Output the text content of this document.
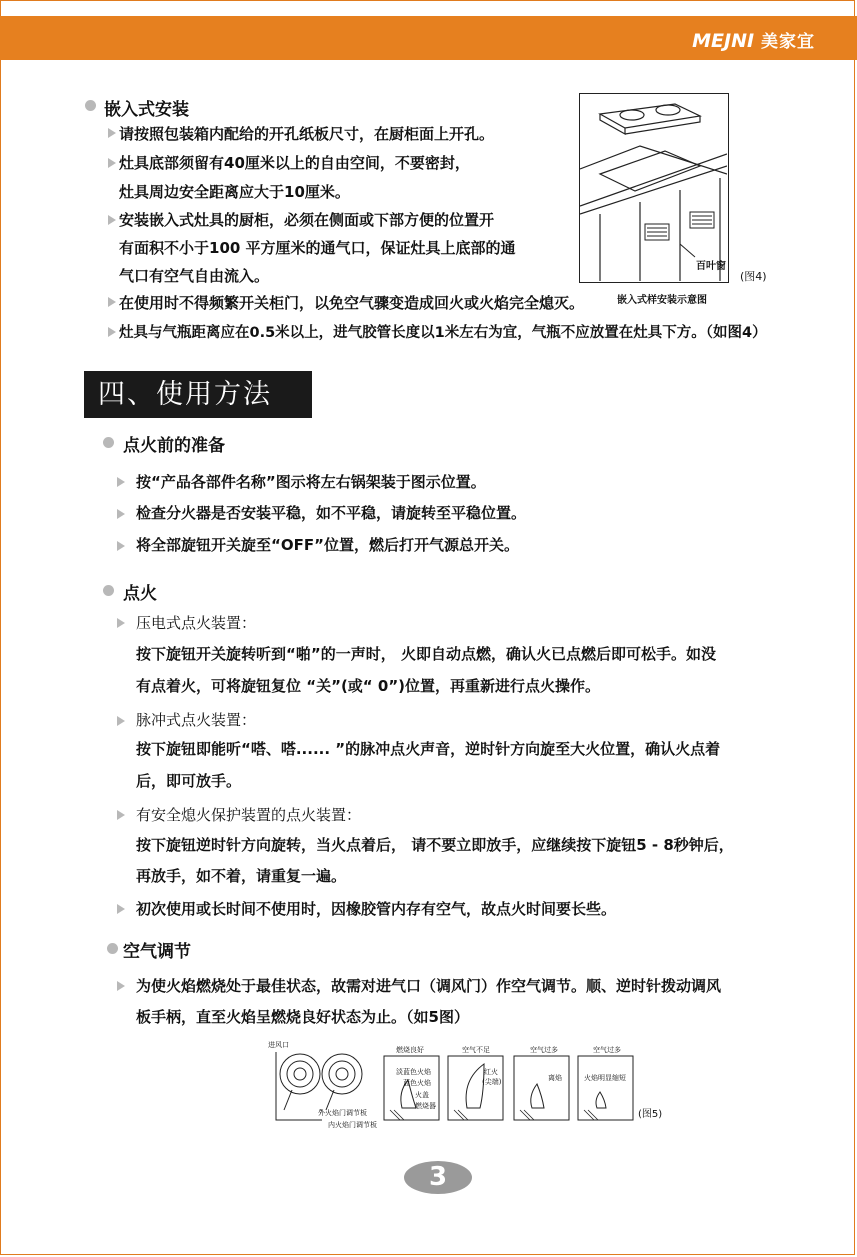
MEJNI 美家宜
嵌入式安装
请按照包装箱内配给的开孔纸板尺寸，在厨柜面上开孔。
灶具底部须留有40厘米以上的自由空间，不要密封，
灶具周边安全距离应大于10厘米。
安装嵌入式灶具的厨柜，必须在侧面或下部方便的位置开
有面积不小于100 平方厘米的通气口，保证灶具上底部的通
气口有空气自由流入。
在使用时不得频繁开关柜门，以免空气骤变造成回火或火焰完全熄灭。
灶具与气瓶距离应在0.5米以上，进气胶管长度以1米左右为宜，气瓶不应放置在灶具下方。（如图4）
百叶窗
(图4)
嵌入式样安装示意图
四、使用方法
点火前的准备
按“产品各部件名称”图示将左右锅架装于图示位置。
检查分火器是否安装平稳，如不平稳，请旋转至平稳位置。
将全部旋钮开关旋至“OFF”位置，燃后打开气源总开关。
点火
压电式点火装置：
按下旋钮开关旋转听到“啪”的一声时， 火即自动点燃，确认火已点燃后即可松手。如没
有点着火，可将旋钮复位 “关”(或“ 0”)位置，再重新进行点火操作。
脉冲式点火装置：
按下旋钮即能听“嗒、嗒...... ”的脉冲点火声音，逆时针方向旋至大火位置，确认火点着
后，即可放手。
有安全熄火保护装置的点火装置：
按下旋钮逆时针方向旋转，当火点着后， 请不要立即放手，应继续按下旋钮5 - 8秒钟后，
再放手，如不着，请重复一遍。
初次使用或长时间不使用时，因橡胶管内存有空气，故点火时间要长些。
空气调节
为使火焰燃烧处于最佳状态，故需对进气口（调风门）作空气调节。顺、逆时针拨动调风
板手柄，直至火焰呈燃烧良好状态为止。（如5图）
进风口
外火焰门调节板
内火焰门调节板
燃烧良好
淡蓝色火焰
蓝色火焰
火盖
燃烧器
空气不足
红火
(尖端)
空气过多
离焰
空气过多
火焰明显缩短
(图5)
3
